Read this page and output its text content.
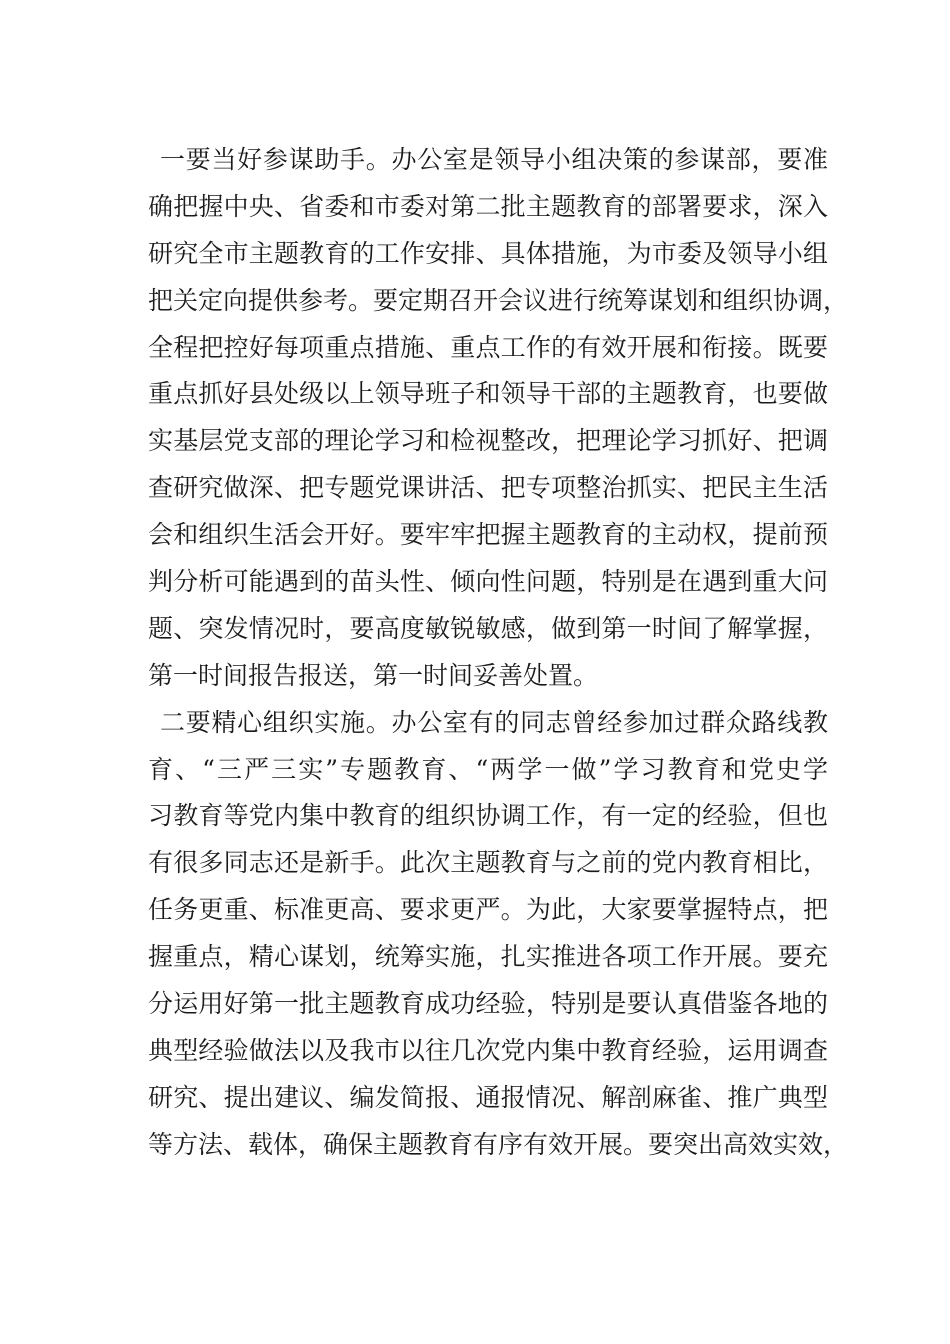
一要当好参谋助手。办公室是领导小组决策的参谋部，要准
确把握中央、省委和市委对第二批主题教育的部署要求，深入
研究全市主题教育的工作安排、具体措施，为市委及领导小组
把关定向提供参考。要定期召开会议进行统筹谋划和组织协调，
全程把控好每项重点措施、重点工作的有效开展和衔接。既要
重点抓好县处级以上领导班子和领导干部的主题教育，也要做
实基层党支部的理论学习和检视整改，把理论学习抓好、把调
查研究做深、把专题党课讲活、把专项整治抓实、把民主生活
会和组织生活会开好。要牢牢把握主题教育的主动权，提前预
判分析可能遇到的苗头性、倾向性问题，特别是在遇到重大问
题、突发情况时，要高度敏锐敏感，做到第一时间了解掌握，
第一时间报告报送，第一时间妥善处置。
二要精心组织实施。办公室有的同志曾经参加过群众路线教
育、“三严三实”专题教育、“两学一做”学习教育和党史学
习教育等党内集中教育的组织协调工作，有一定的经验，但也
有很多同志还是新手。此次主题教育与之前的党内教育相比，
任务更重、标准更高、要求更严。为此，大家要掌握特点，把
握重点，精心谋划，统筹实施，扎实推进各项工作开展。要充
分运用好第一批主题教育成功经验，特别是要认真借鉴各地的
典型经验做法以及我市以往几次党内集中教育经验，运用调查
研究、提出建议、编发简报、通报情况、解剖麻雀、推广典型
等方法、载体，确保主题教育有序有效开展。要突出高效实效，
